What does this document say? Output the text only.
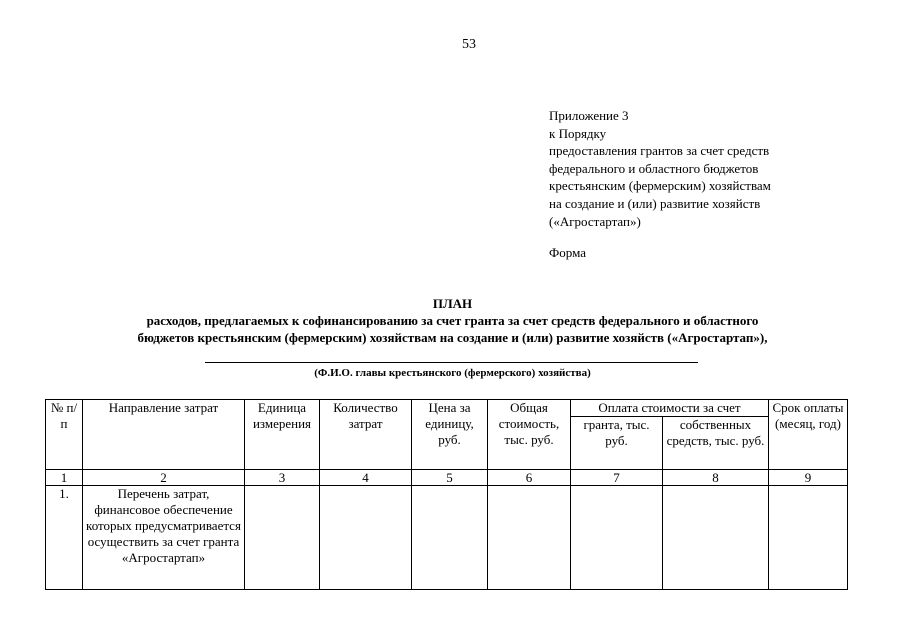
53
Приложение 3
к Порядку
предоставления грантов за счет средств
федерального и областного бюджетов
крестьянским (фермерским) хозяйствам
на создание и (или) развитие хозяйств
(«Агростартап»)
Форма
ПЛАН
расходов, предлагаемых к софинансированию за счет гранта за счет средств федерального и областного
бюджетов крестьянским (фермерским) хозяйствам на создание и (или) развитие хозяйств («Агростартап»),
(Ф.И.О. главы крестьянского (фермерского) хозяйства)
№ п/п	Направление затрат	Единица измерения	Количество затрат	Цена за единицу, руб.	Общая стоимость, тыс. руб.	Оплата стоимости за счет		Срок оплаты (месяц, год)
						гранта, тыс. руб.	собственных средств, тыс. руб.	
1	2	3	4	5	6	7	8	9
1.	Перечень затрат, финансовое обеспечение которых предусматривается осуществить за счет гранта «Агростартап»							
